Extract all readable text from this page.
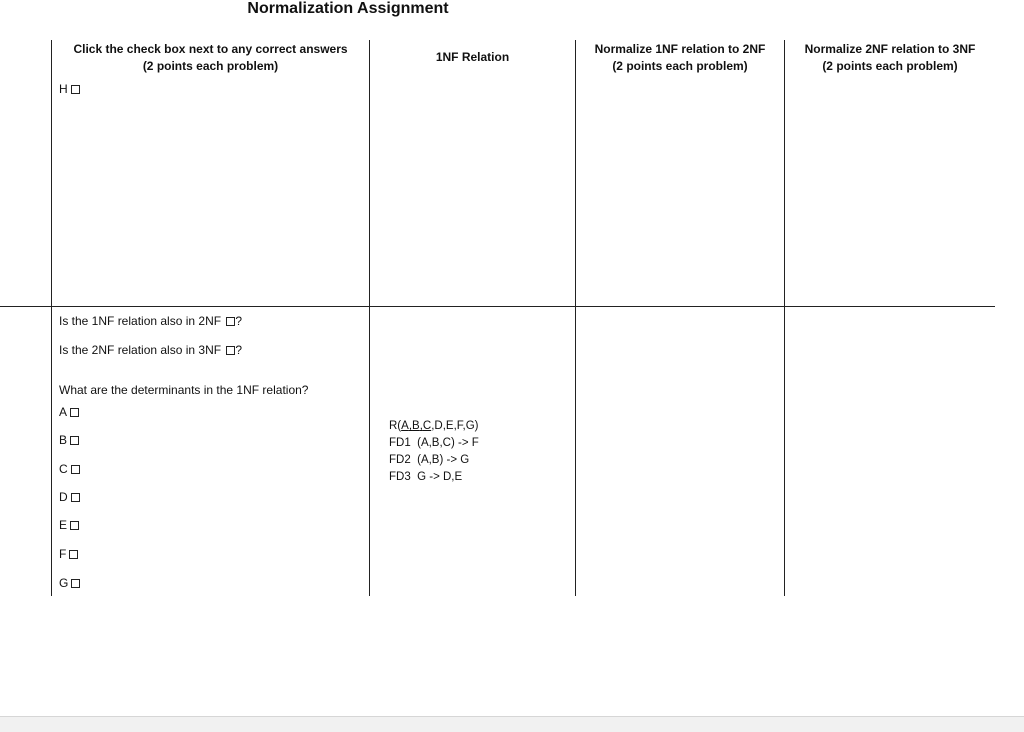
Normalization Assignment
Click the check box next to any correct answers
(2 points each problem)
1NF Relation
Normalize 1NF relation to 2NF
(2 points each problem)
Normalize 2NF relation to 3NF
(2 points each problem)
H
Is the 1NF relation also in 2NF ?
Is the 2NF relation also in 3NF ?
What are the determinants in the 1NF relation?
A
B
C
D
E
F
G
R(A,B,C,D,E,F,G)
FD1  (A,B,C) -> F
FD2  (A,B) -> G
FD3  G -> D,E
